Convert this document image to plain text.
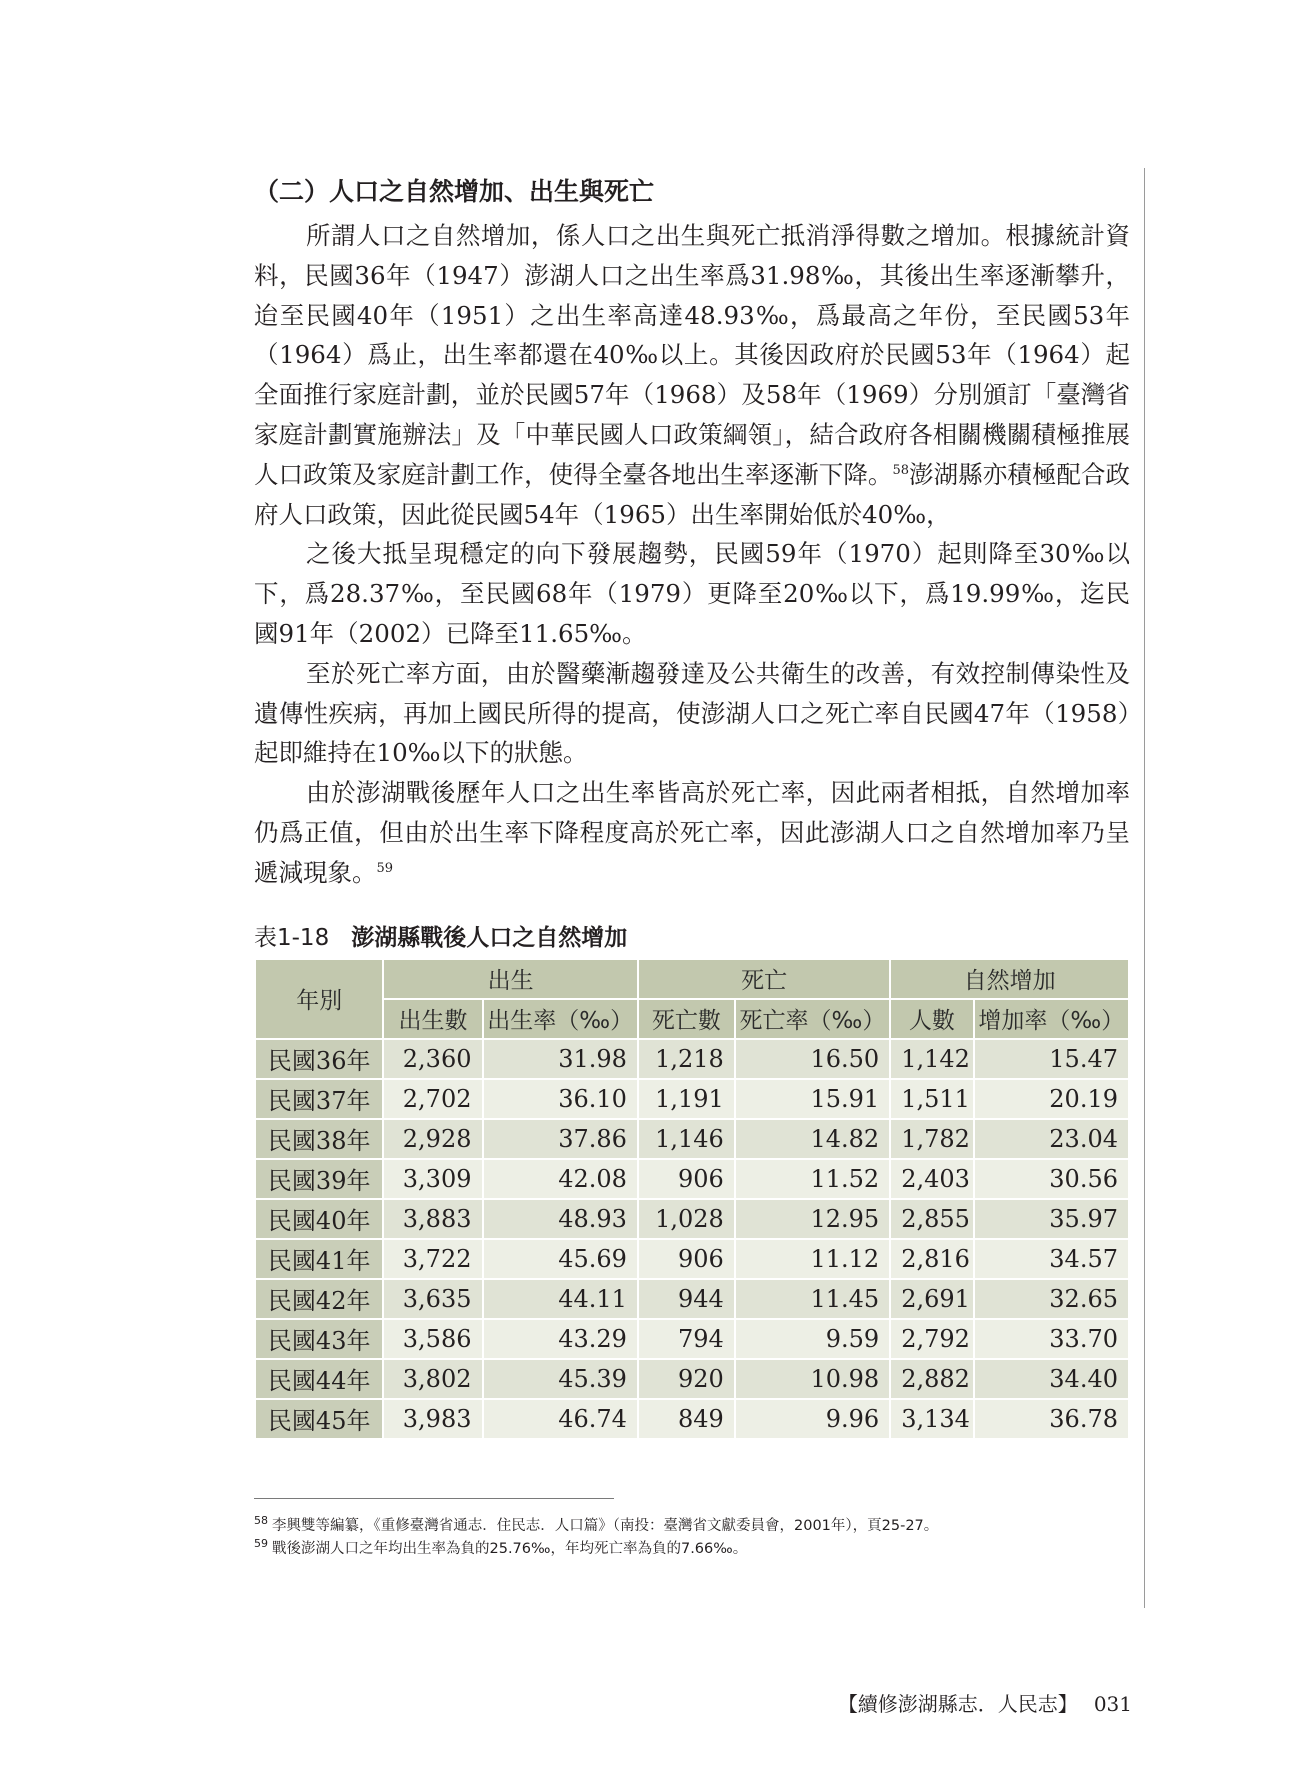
（二）人口之自然增加、出生與死亡

所謂人口之自然增加，係人口之出生與死亡抵消淨得數之增加。根據統計資料，民國36年（1947）澎湖人口之出生率爲31.98‰，其後出生率逐漸攀升，迨至民國40年（1951）之出生率高達48.93‰，爲最高之年份，至民國53年（1964）爲止，出生率都還在40‰以上。其後因政府於民國53年（1964）起全面推行家庭計劃，並於民國57年（1968）及58年（1969）分別頒訂「臺灣省家庭計劃實施辦法」及「中華民國人口政策綱領」，結合政府各相關機關積極推展人口政策及家庭計劃工作，使得全臺各地出生率逐漸下降。$^{58}$澎湖縣亦積極配合政府人口政策，因此從民國54年（1965）出生率開始低於40‰，

之後大抵呈現穩定的向下發展趨勢，民國59年（1970）起則降至30‰以下，爲28.37‰，至民國68年（1979）更降至20‰以下，爲19.99‰，迄民國91年（2002）已降至11.65‰。

至於死亡率方面，由於醫藥漸趨發達及公共衛生的改善，有效控制傳染性及遺傳性疾病，再加上國民所得的提高，使澎湖人口之死亡率自民國47年（1958）起即維持在10‰以下的狀態。

由於澎湖戰後歷年人口之出生率皆高於死亡率，因此兩者相抵，自然增加率仍爲正值，但由於出生率下降程度高於死亡率，因此澎湖人口之自然增加率乃呈遞減現象。$^{59}$

表1-18 澎湖縣戰後人口之自然增加
年別	出生		死亡		自然增加	
	出生數	出生率（‰）	死亡數	死亡率（‰）	人數	增加率（‰）
民國36年	2,360	31.98	1,218	16.50	1,142	15.47
民國37年	2,702	36.10	1,191	15.91	1,511	20.19
民國38年	2,928	37.86	1,146	14.82	1,782	23.04
民國39年	3,309	42.08	906	11.52	2,403	30.56
民國40年	3,883	48.93	1,028	12.95	2,855	35.97
民國41年	3,722	45.69	906	11.12	2,816	34.57
民國42年	3,635	44.11	944	11.45	2,691	32.65
民國43年	3,586	43.29	794	9.59	2,792	33.70
民國44年	3,802	45.39	920	10.98	2,882	34.40
民國45年	3,983	46.74	849	9.96	3,134	36.78

$^{58}$ 李興雙等編纂，《重修臺灣省通志．住民志．人口篇》（南投：臺灣省文獻委員會，2001年），頁25-27。

$^{59}$ 戰後澎湖人口之年均出生率為負的25.76‰，年均死亡率為負的7.66‰。

【續修澎湖縣志．人民志】 031
